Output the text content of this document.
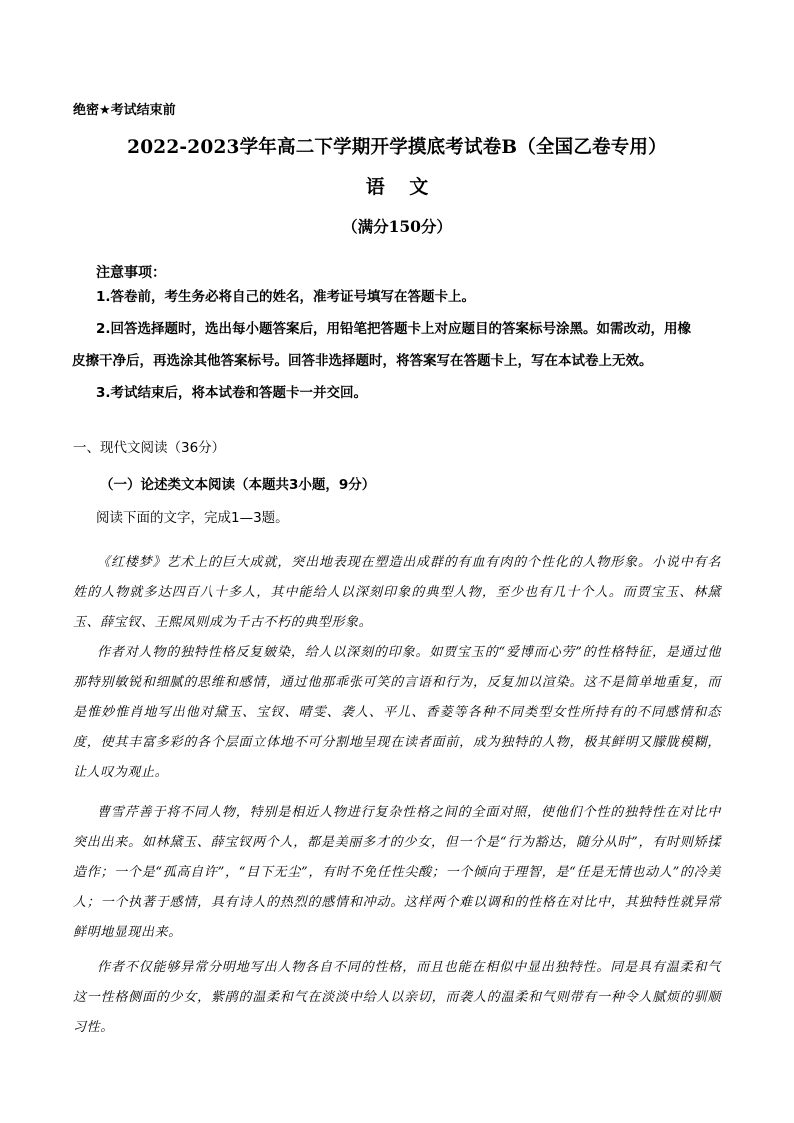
绝密★考试结束前
2022-2023学年高二下学期开学摸底考试卷B（全国乙卷专用）
语 文
（满分150分）
注意事项：
1.答卷前，考生务必将自己的姓名，准考证号填写在答题卡上。
2.回答选择题时，选出每小题答案后，用铅笔把答题卡上对应题目的答案标号涂黑。如需改动，用橡
皮擦干净后，再选涂其他答案标号。回答非选择题时，将答案写在答题卡上，写在本试卷上无效。
3.考试结束后，将本试卷和答题卡一并交回。
一、现代文阅读（36分）
（一）论述类文本阅读（本题共3小题，9分）
阅读下面的文字，完成1—3题。

《红楼梦》艺术上的巨大成就，突出地表现在塑造出成群的有血有肉的个性化的人物形象。小说中有名姓的人物就多达四百八十多人，其中能给人以深刻印象的典型人物，至少也有几十个人。而贾宝玉、林黛玉、薛宝钗、王熙凤则成为千古不朽的典型形象。

作者对人物的独特性格反复皴染，给人以深刻的印象。如贾宝玉的“爱博而心劳”的性格特征，是通过他那特别敏锐和细腻的思维和感情，通过他那乖张可笑的言语和行为，反复加以渲染。这不是简单地重复，而是惟妙惟肖地写出他对黛玉、宝钗、晴雯、袭人、平儿、香菱等各种不同类型女性所持有的不同感情和态度，使其丰富多彩的各个层面立体地不可分割地呈现在读者面前，成为独特的人物，极其鲜明又朦胧模糊，让人叹为观止。

曹雪芹善于将不同人物，特别是相近人物进行复杂性格之间的全面对照，使他们个性的独特性在对比中突出出来。如林黛玉、薛宝钗两个人，都是美丽多才的少女，但一个是“行为豁达，随分从时”，有时则矫揉造作；一个是“孤高自许”，“目下无尘”，有时不免任性尖酸；一个倾向于理智，是“任是无情也动人”的冷美人；一个执著于感情，具有诗人的热烈的感情和冲动。这样两个难以调和的性格在对比中，其独特性就异常鲜明地显现出来。

作者不仅能够异常分明地写出人物各自不同的性格，而且也能在相似中显出独特性。同是具有温柔和气这一性格侧面的少女，紫鹃的温柔和气在淡淡中给人以亲切，而袭人的温柔和气则带有一种令人腻烦的驯顺习性。
